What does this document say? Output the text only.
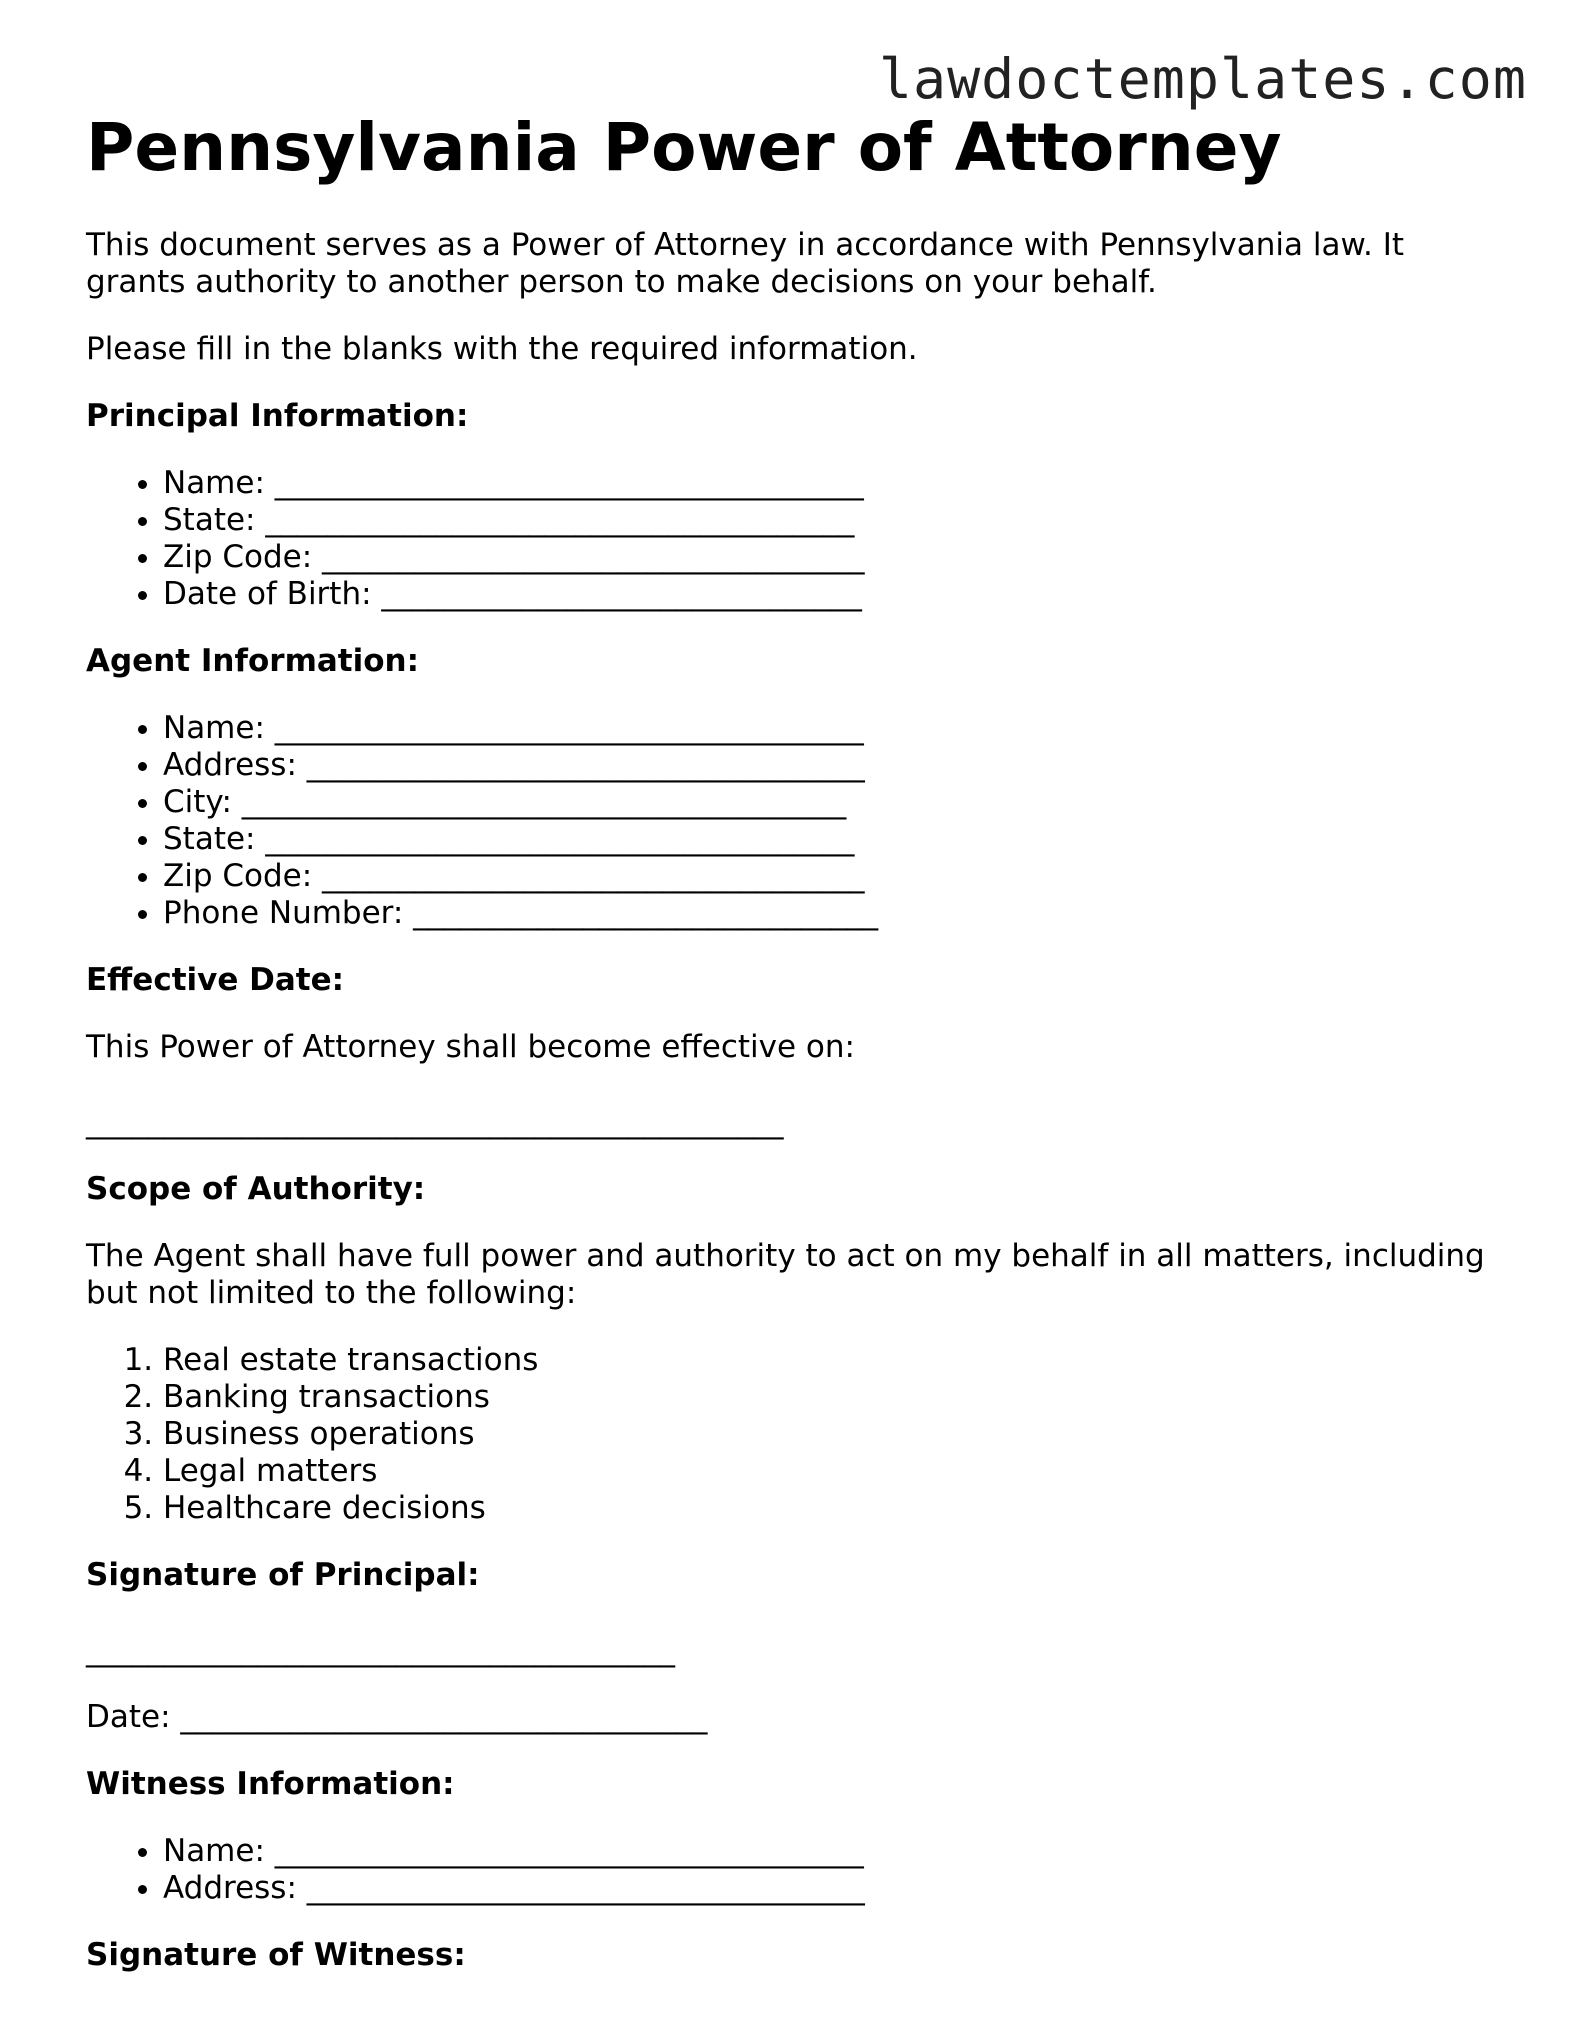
lawdoctemplates.com
Pennsylvania Power of Attorney

This document serves as a Power of Attorney in accordance with Pennsylvania law. It grants authority to another person to make decisions on your behalf.

Please fill in the blanks with the required information.

Principal Information:
• Name: ______________________________________
• State: ______________________________________
• Zip Code: ___________________________________
• Date of Birth: _______________________________
Agent Information:
• Name: ______________________________________
• Address: ____________________________________
• City: _______________________________________
• State: ______________________________________
• Zip Code: ___________________________________
• Phone Number: ______________________________
Effective Date:

This Power of Attorney shall become effective on:

_____________________________________________
Scope of Authority:

The Agent shall have full power and authority to act on my behalf in all matters, including but not limited to the following:

1. Real estate transactions
2. Banking transactions
3. Business operations
4. Legal matters
5. Healthcare decisions
Signature of Principal:
______________________________________
Date: __________________________________
Witness Information:
• Name: ______________________________________
• Address: ____________________________________
Signature of Witness:
